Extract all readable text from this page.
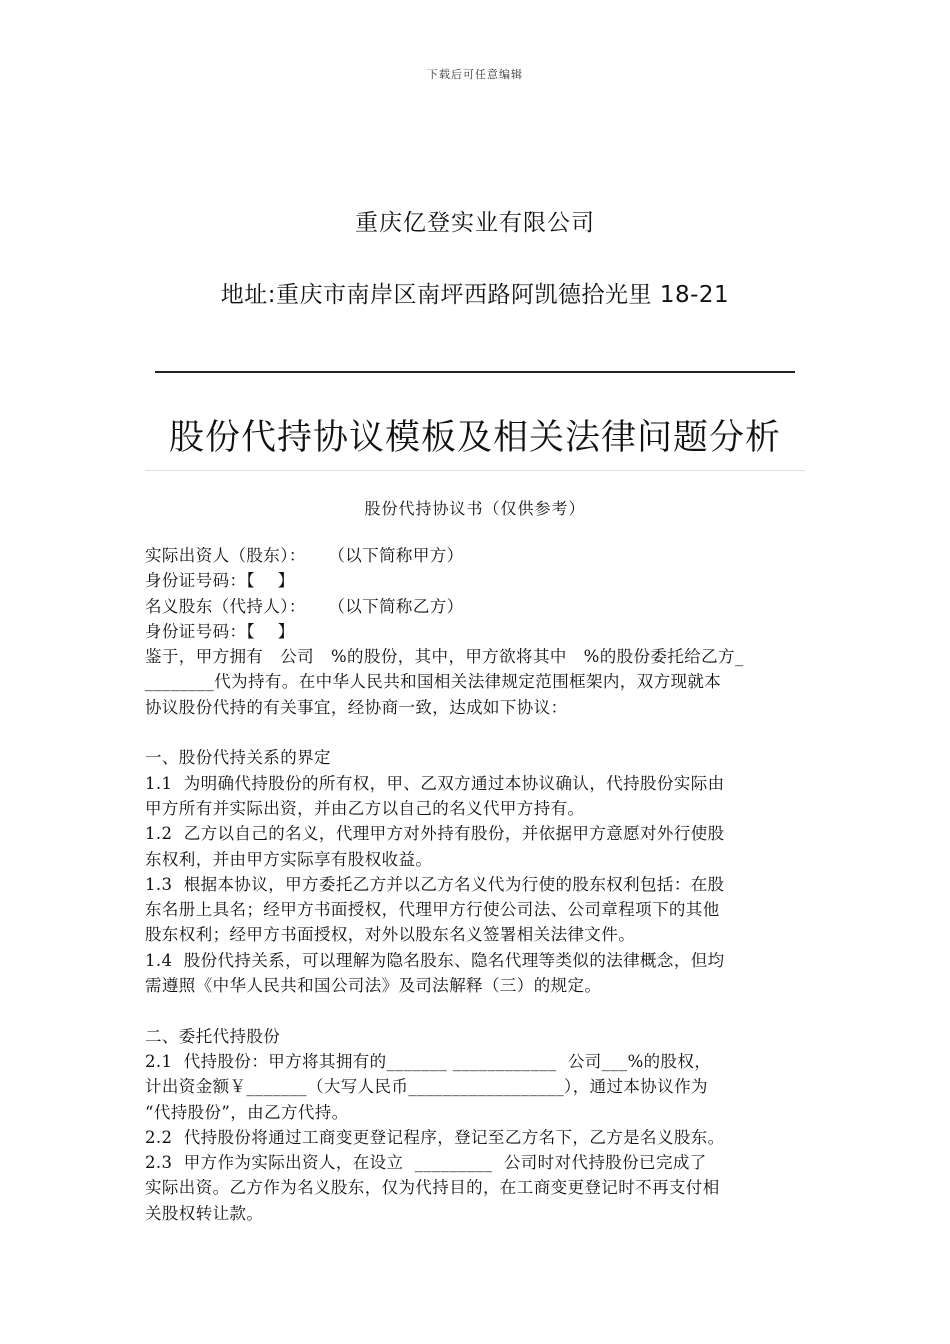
下载后可任意编辑
重庆亿登实业有限公司
地址:重庆市南岸区南坪西路阿凯德拾光里 18-21
股份代持协议模板及相关法律问题分析
股份代持协议书（仅供参考）
实际出资人（股东）：    （以下简称甲方）
身份证号码：【    】
名义股东（代持人）：    （以下简称乙方）
身份证号码：【    】
鉴于，甲方拥有   公司   %的股份，其中，甲方欲将其中   %的股份委托给乙方_
________代为持有。在中华人民共和国相关法律规定范围框架内，双方现就本
协议股份代持的有关事宜，经协商一致，达成如下协议：
一、股份代持关系的界定
1.1  为明确代持股份的所有权，甲、乙双方通过本协议确认，代持股份实际由
甲方所有并实际出资，并由乙方以自己的名义代甲方持有。
1.2  乙方以自己的名义，代理甲方对外持有股份，并依据甲方意愿对外行使股
东权利，并由甲方实际享有股权收益。
1.3  根据本协议，甲方委托乙方并以乙方名义代为行使的股东权利包括：在股
东名册上具名；经甲方书面授权，代理甲方行使公司法、公司章程项下的其他
股东权利；经甲方书面授权，对外以股东名义签署相关法律文件。
1.4  股份代持关系，可以理解为隐名股东、隐名代理等类似的法律概念，但均
需遵照《中华人民共和国公司法》及司法解释（三）的规定。
二、委托代持股份
2.1  代持股份：甲方将其拥有的_______ ____________  公司___%的股权，
计出资金额￥_______（大写人民币__________________），通过本协议作为
“代持股份”，由乙方代持。
2.2  代持股份将通过工商变更登记程序，登记至乙方名下，乙方是名义股东。
2.3  甲方作为实际出资人，在设立  _________  公司时对代持股份已完成了
实际出资。乙方作为名义股东，仅为代持目的，在工商变更登记时不再支付相
关股权转让款。
